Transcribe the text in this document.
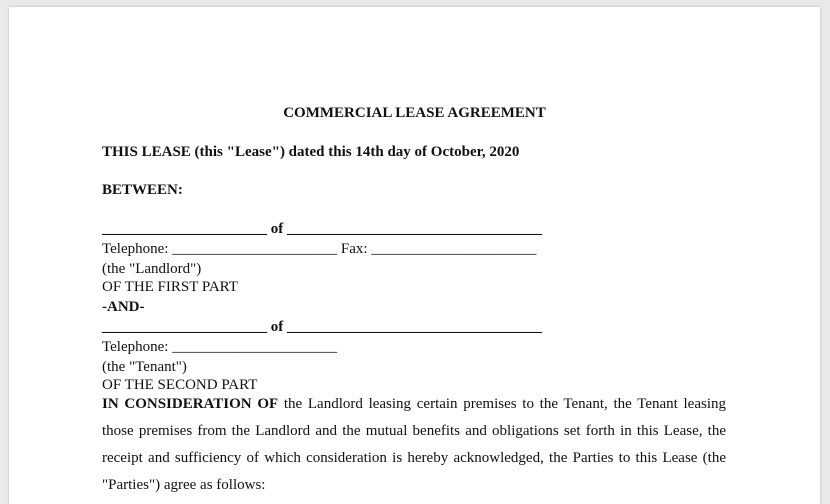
COMMERCIAL LEASE AGREEMENT
THIS LEASE (this "Lease") dated this 14th day of October, 2020
BETWEEN:
______________________ of __________________________________
Telephone: ______________________ Fax: ______________________
(the "Landlord")
OF THE FIRST PART
-AND-
______________________ of __________________________________
Telephone: ______________________
(the "Tenant")
OF THE SECOND PART
IN CONSIDERATION OF the Landlord leasing certain premises to the Tenant, the Tenant leasing those premises from the Landlord and the mutual benefits and obligations set forth in this Lease, the receipt and sufficiency of which consideration is hereby acknowledged, the Parties to this Lease (the "Parties") agree as follows:
